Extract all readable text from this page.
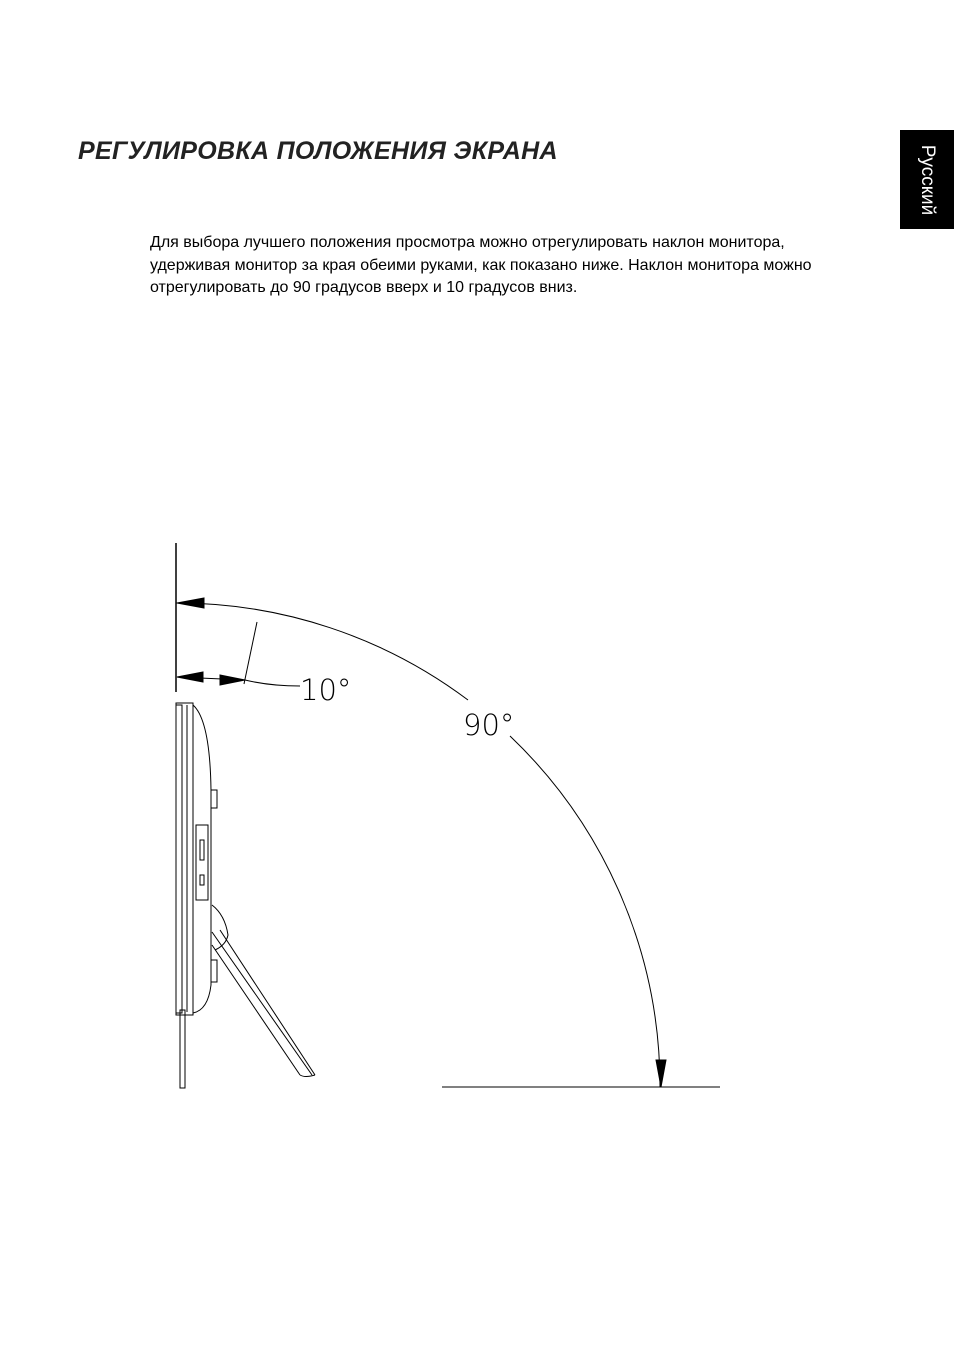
РЕГУЛИРОВКА ПОЛОЖЕНИЯ ЭКРАНА	Русский

Для выбора лучшего положения просмотра можно отрегулировать наклон монитора, удерживая монитор за края обеими руками, как показано ниже. Наклон монитора можно отрегулировать до 90 градусов вверх и 10 градусов вниз.

10°
90°
